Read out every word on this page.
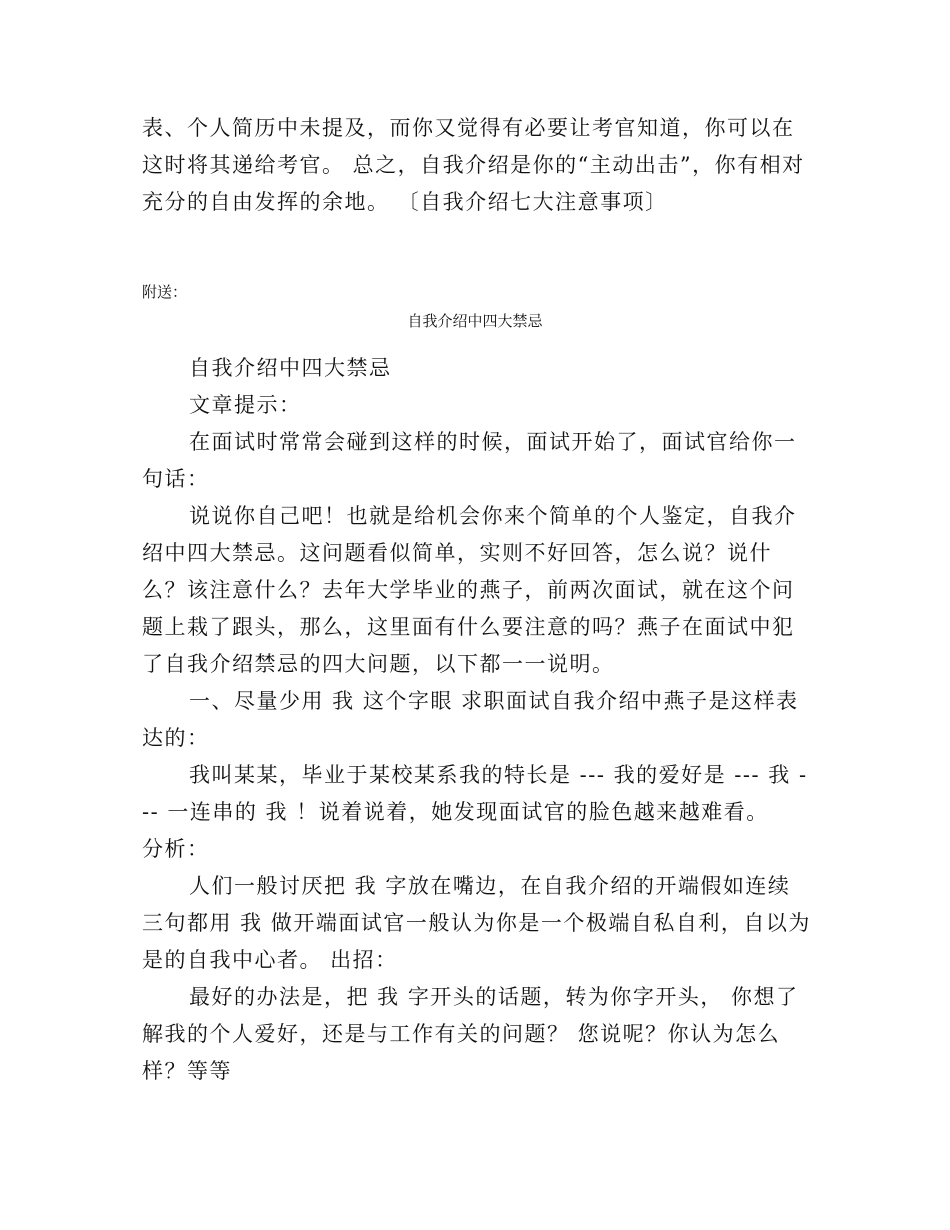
表、个人简历中未提及，而你又觉得有必要让考官知道，你可以在这时将其递给考官。 总之，自我介绍是你的“主动出击”，你有相对充分的自由发挥的余地。 〔自我介绍七大注意事项〕

附送：

自我介绍中四大禁忌

自我介绍中四大禁忌

文章提示：

在面试时常常会碰到这样的时候，面试开始了，面试官给你一句话：

说说你自己吧！也就是给机会你来个简单的个人鉴定，自我介绍中四大禁忌。这问题看似简单，实则不好回答，怎么说？说什么？该注意什么？去年大学毕业的燕子，前两次面试，就在这个问题上栽了跟头，那么，这里面有什么要注意的吗？燕子在面试中犯了自我介绍禁忌的四大问题，以下都一一说明。

一、尽量少用 我 这个字眼 求职面试自我介绍中燕子是这样表达的：

我叫某某，毕业于某校某系我的特长是 --- 我的爱好是 --- 我 --- 一连串的 我 ！说着说着，她发现面试官的脸色越来越难看。

分析：

人们一般讨厌把 我 字放在嘴边，在自我介绍的开端假如连续三句都用 我 做开端面试官一般认为你是一个极端自私自利，自以为是的自我中心者。 出招：

最好的办法是，把 我 字开头的话题，转为你字开头， 你想了解我的个人爱好，还是与工作有关的问题？ 您说呢？你认为怎么样？等等
